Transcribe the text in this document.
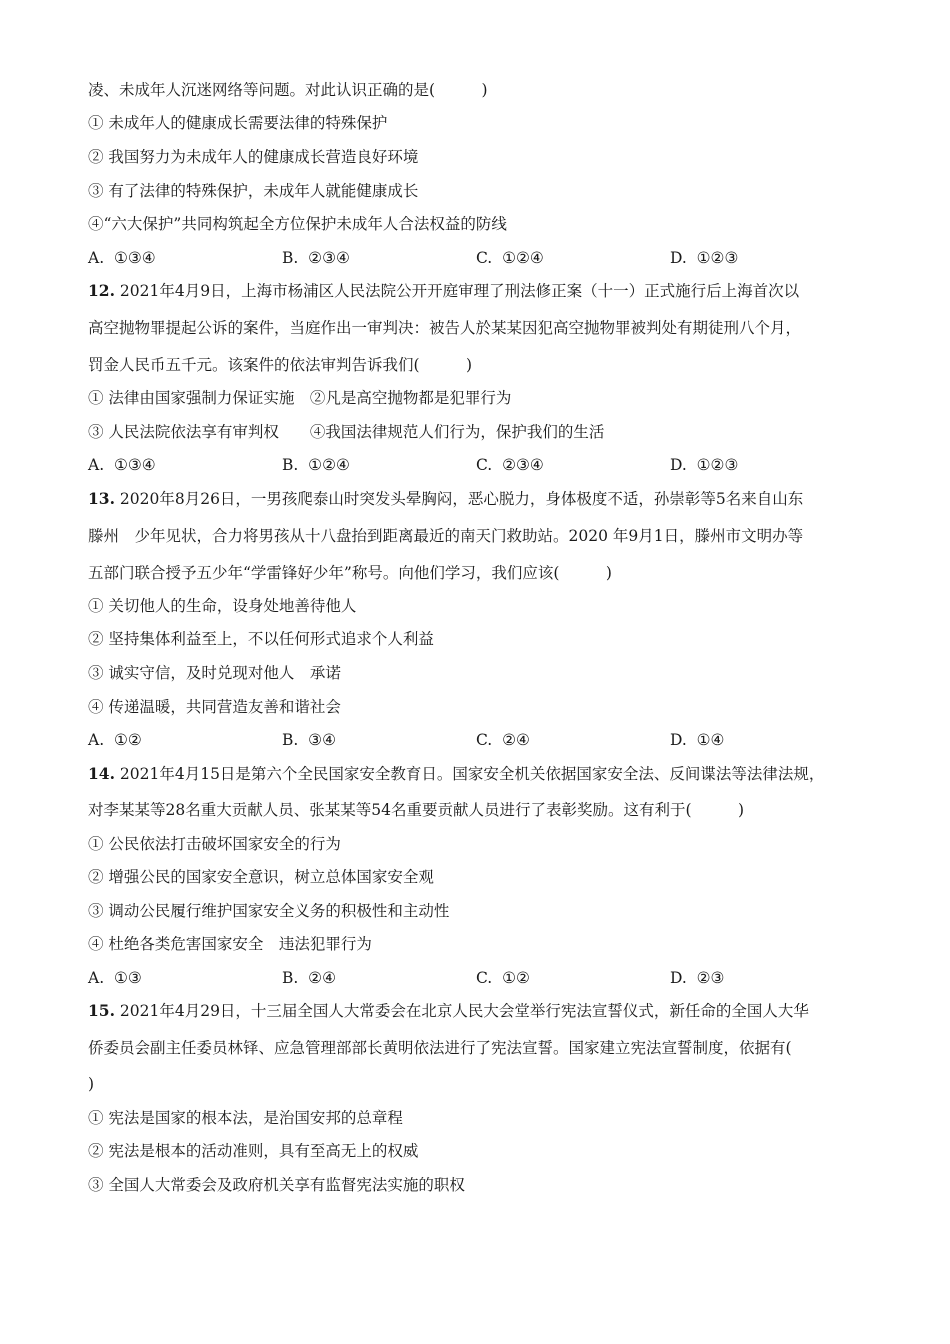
凌、未成年人沉迷网络等问题。对此认识正确的是(　　　)
① 未成年人的健康成长需要法律的特殊保护
② 我国努力为未成年人的健康成长营造良好环境
③ 有了法律的特殊保护，未成年人就能健康成长
④“六大保护”共同构筑起全方位保护未成年人合法权益的防线
A.  ①③④	B.  ②③④	C.  ①②④	D.  ①②③
12. 2021年4月9日，上海市杨浦区人民法院公开开庭审理了刑法修正案（十一）正式施行后上海首次以
高空抛物罪提起公诉的案件，当庭作出一审判决：被告人於某某因犯高空抛物罪被判处有期徒刑八个月，
罚金人民币五千元。该案件的依法审判告诉我们(　　　)
① 法律由国家强制力保证实施　②凡是高空抛物都是犯罪行为
③ 人民法院依法享有审判权　　④我国法律规范人们行为，保护我们的生活
A.  ①③④	B.  ①②④	C.  ②③④	D.  ①②③
13. 2020年8月26日，一男孩爬泰山时突发头晕胸闷，恶心脱力，身体极度不适，孙崇彰等5名来自山东
滕州　少年见状，合力将男孩从十八盘抬到距离最近的南天门救助站。2020 年9月1日，滕州市文明办等
五部门联合授予五少年“学雷锋好少年”称号。向他们学习，我们应该(　　　)
① 关切他人的生命，设身处地善待他人
② 坚持集体利益至上，不以任何形式追求个人利益
③ 诚实守信，及时兑现对他人　承诺
④ 传递温暖，共同营造友善和谐社会
A.  ①②	B.  ③④	C.  ②④	D.  ①④
14. 2021年4月15日是第六个全民国家安全教育日。国家安全机关依据国家安全法、反间谍法等法律法规，
对李某某等28名重大贡献人员、张某某等54名重要贡献人员进行了表彰奖励。这有利于(　　　)
① 公民依法打击破坏国家安全的行为
② 增强公民的国家安全意识，树立总体国家安全观
③ 调动公民履行维护国家安全义务的积极性和主动性
④ 杜绝各类危害国家安全　违法犯罪行为
A.  ①③	B.  ②④	C.  ①②	D.  ②③
15. 2021年4月29日，十三届全国人大常委会在北京人民大会堂举行宪法宣誓仪式，新任命的全国人大华
侨委员会副主任委员林铎、应急管理部部长黄明依法进行了宪法宣誓。国家建立宪法宣誓制度，依据有(
)
① 宪法是国家的根本法，是治国安邦的总章程
② 宪法是根本的活动准则，具有至高无上的权威
③ 全国人大常委会及政府机关享有监督宪法实施的职权
